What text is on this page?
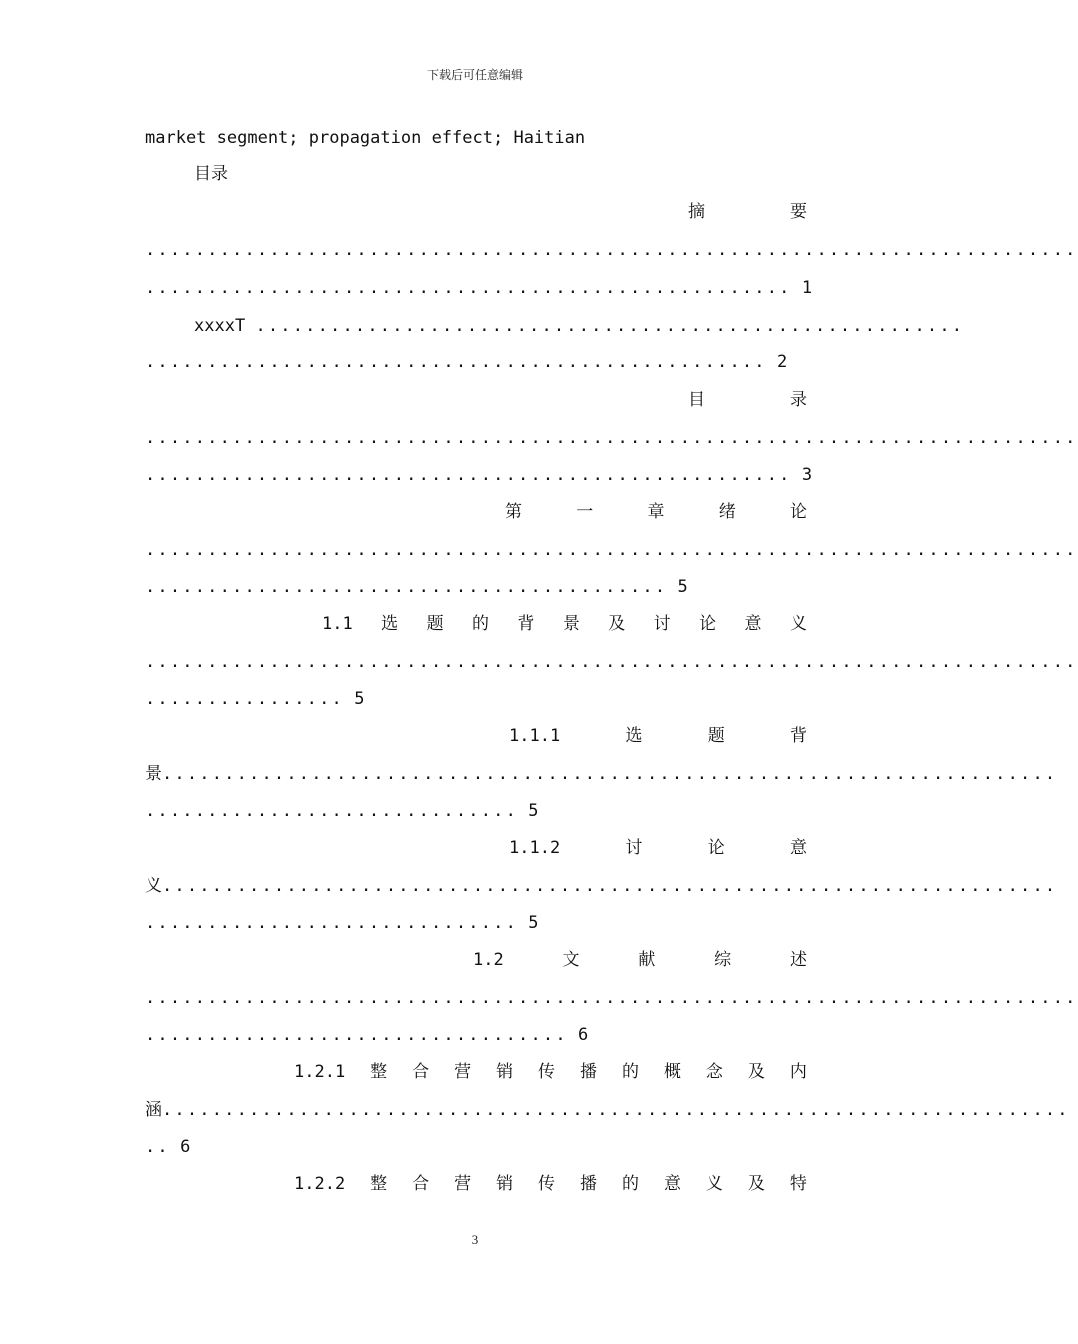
下载后可任意编辑
market segment; propagation effect; Haitian
目录
摘	要
...........................................................................
.................................................... 1
xxxxT .........................................................
.................................................. 2
目	录
...........................................................................
.................................................... 3
第	一	章	绪	论
...........................................................................
.......................................... 5
1.1 选 题 的 背 景 及 讨 论 意 义
...........................................................................
................ 5
1.1.1	选	题	背
景........................................................................
.............................. 5
1.1.2	讨	论	意
义........................................................................
.............................. 5
1.2	文	献	综	述
...........................................................................
.................................. 6
1.2.1 整 合 营 销 传 播 的 概 念 及 内
涵.........................................................................
.. 6
1.2.2 整 合 营 销 传 播 的 意 义 及 特
3
